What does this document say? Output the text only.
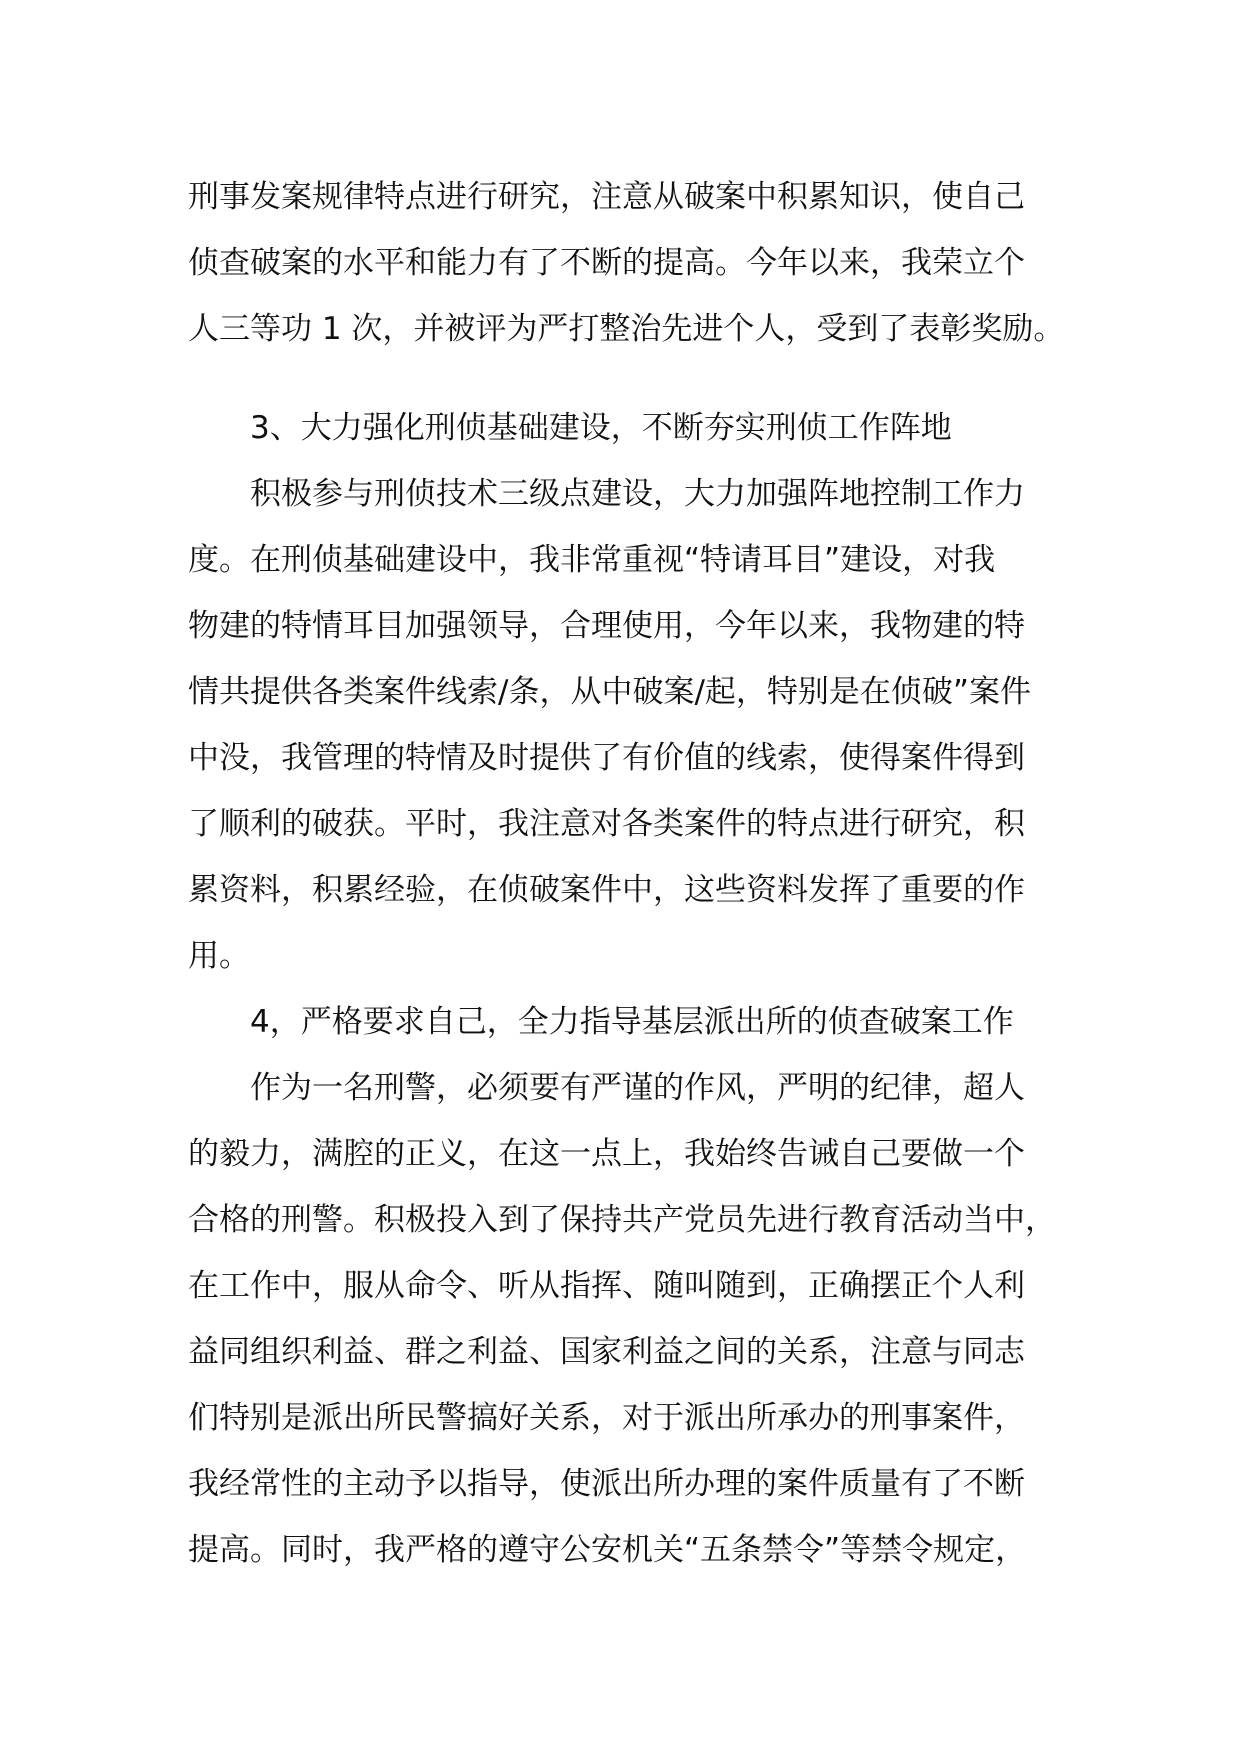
刑事发案规律特点进行研究，注意从破案中积累知识，使自己
侦查破案的水平和能力有了不断的提高。今年以来，我荣立个
人三等功 1 次，并被评为严打整治先进个人，受到了表彰奖励。
3、大力强化刑侦基础建设，不断夯实刑侦工作阵地
积极参与刑侦技术三级点建设，大力加强阵地控制工作力
度。在刑侦基础建设中，我非常重视“特请耳目”建设，对我
物建的特情耳目加强领导，合理使用，今年以来，我物建的特
情共提供各类案件线索/条，从中破案/起，特别是在侦破”案件
中没，我管理的特情及时提供了有价值的线索，使得案件得到
了顺利的破获。平时，我注意对各类案件的特点进行研究，积
累资料，积累经验，在侦破案件中，这些资料发挥了重要的作
用。
4，严格要求自己，全力指导基层派出所的侦查破案工作
作为一名刑警，必须要有严谨的作风，严明的纪律，超人
的毅力，满腔的正义，在这一点上，我始终告诫自己要做一个
合格的刑警。积极投入到了保持共产党员先进行教育活动当中，
在工作中，服从命令、听从指挥、随叫随到，正确摆正个人利
益同组织利益、群之利益、国家利益之间的关系，注意与同志
们特别是派出所民警搞好关系，对于派出所承办的刑事案件，
我经常性的主动予以指导，使派出所办理的案件质量有了不断
提高。同时，我严格的遵守公安机关“五条禁令”等禁令规定，
